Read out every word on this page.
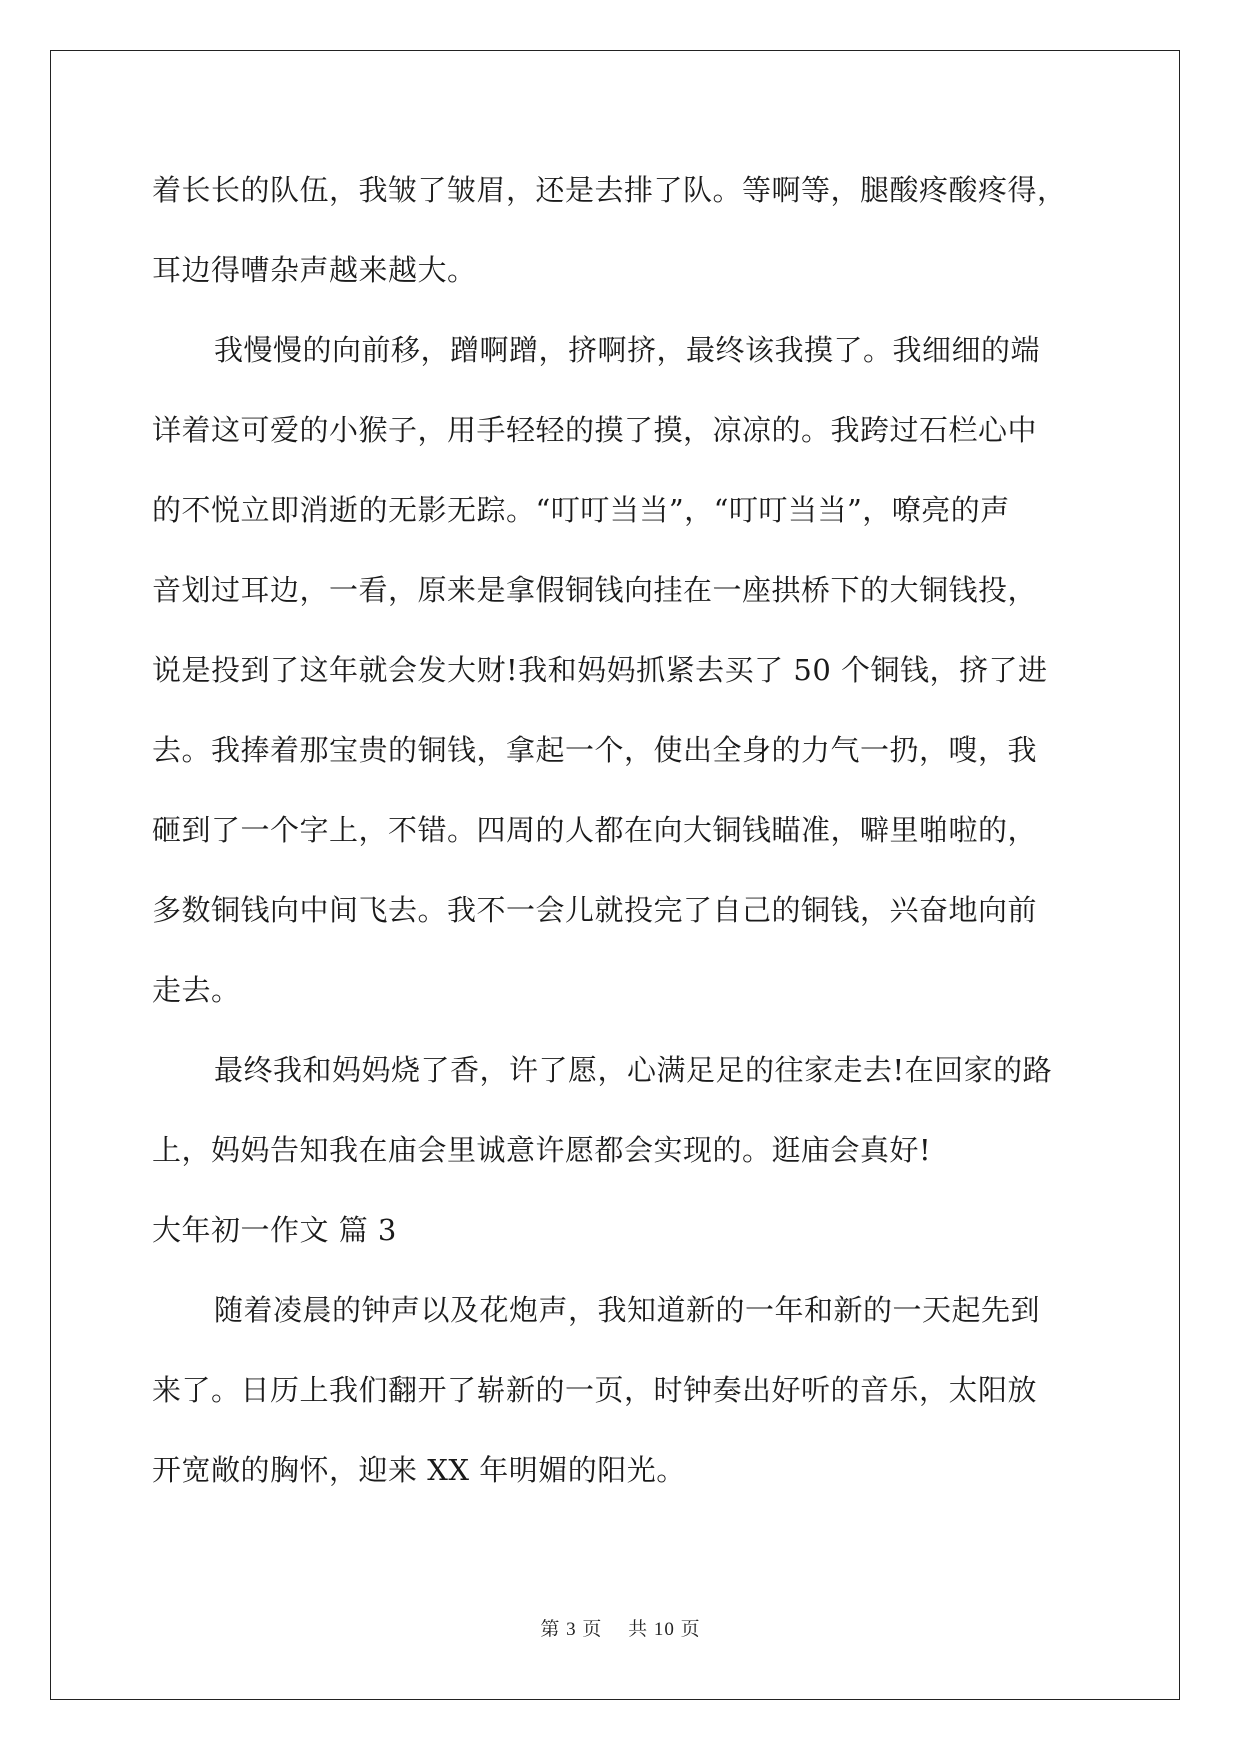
着长长的队伍，我皱了皱眉，还是去排了队。等啊等，腿酸疼酸疼得，
耳边得嘈杂声越来越大。
我慢慢的向前移，蹭啊蹭，挤啊挤，最终该我摸了。我细细的端
详着这可爱的小猴子，用手轻轻的摸了摸，凉凉的。我跨过石栏心中
的不悦立即消逝的无影无踪。“叮叮当当”，“叮叮当当”，嘹亮的声
音划过耳边，一看，原来是拿假铜钱向挂在一座拱桥下的大铜钱投，
说是投到了这年就会发大财!我和妈妈抓紧去买了 50 个铜钱，挤了进
去。我捧着那宝贵的铜钱，拿起一个，使出全身的力气一扔，嗖，我
砸到了一个字上，不错。四周的人都在向大铜钱瞄准，噼里啪啦的，
多数铜钱向中间飞去。我不一会儿就投完了自己的铜钱，兴奋地向前
走去。
最终我和妈妈烧了香，许了愿，心满足足的往家走去!在回家的路
上，妈妈告知我在庙会里诚意许愿都会实现的。逛庙会真好!
大年初一作文 篇 3
随着凌晨的钟声以及花炮声，我知道新的一年和新的一天起先到
来了。日历上我们翻开了崭新的一页，时钟奏出好听的音乐，太阳放
开宽敞的胸怀，迎来 XX 年明媚的阳光。
第 3 页 共 10 页
